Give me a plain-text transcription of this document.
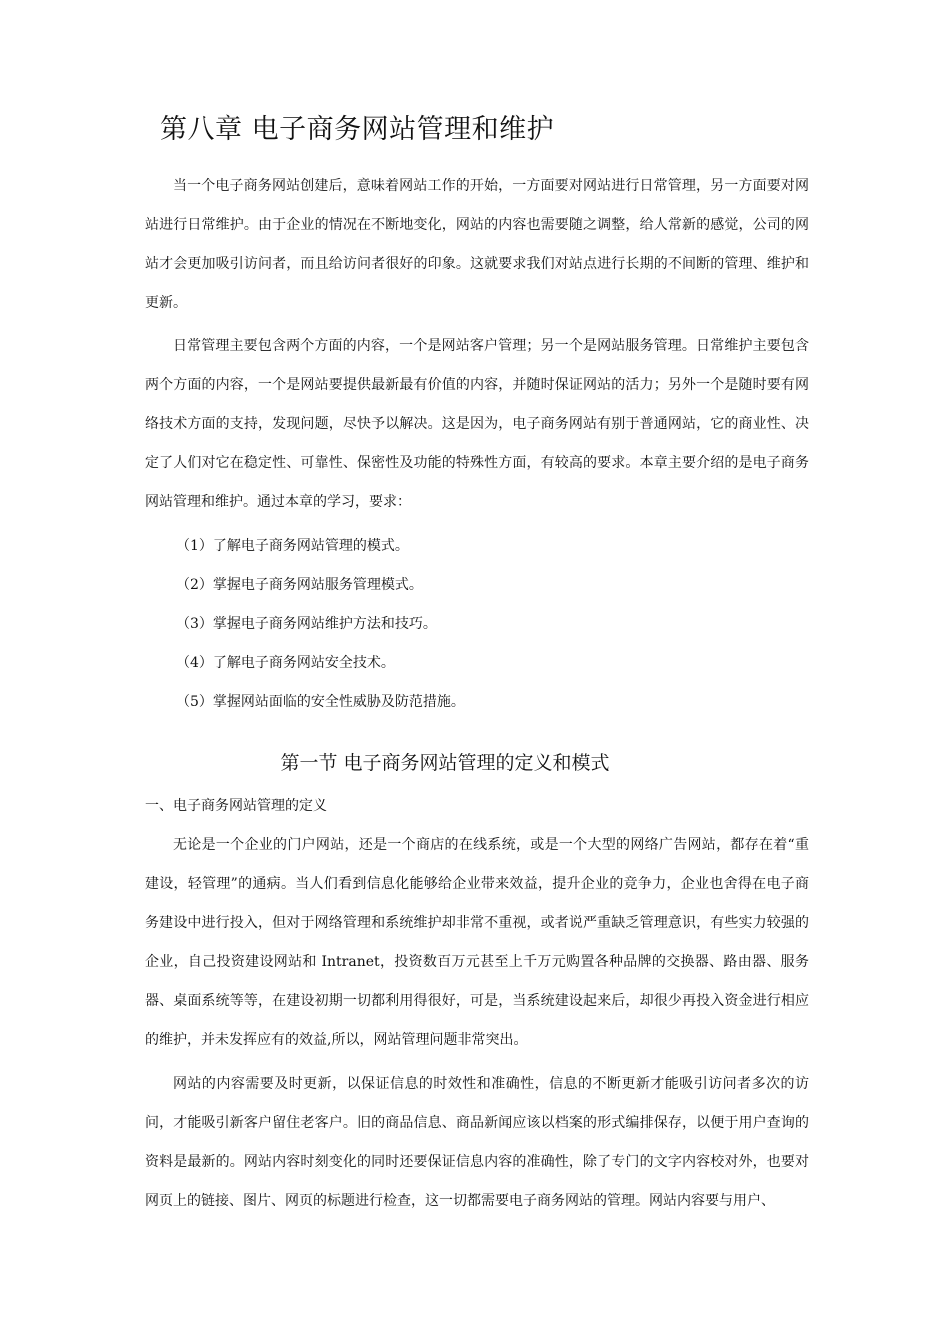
第八章 电子商务网站管理和维护

当一个电子商务网站创建后，意味着网站工作的开始，一方面要对网站进行日常管理，另一方面要对网站进行日常维护。由于企业的情况在不断地变化，网站的内容也需要随之调整，给人常新的感觉，公司的网站才会更加吸引访问者，而且给访问者很好的印象。这就要求我们对站点进行长期的不间断的管理、维护和更新。

日常管理主要包含两个方面的内容，一个是网站客户管理；另一个是网站服务管理。日常维护主要包含两个方面的内容，一个是网站要提供最新最有价值的内容，并随时保证网站的活力；另外一个是随时要有网络技术方面的支持，发现问题，尽快予以解决。这是因为，电子商务网站有别于普通网站，它的商业性、决定了人们对它在稳定性、可靠性、保密性及功能的特殊性方面，有较高的要求。本章主要介绍的是电子商务网站管理和维护。通过本章的学习，要求：

（1）了解电子商务网站管理的模式。
（2）掌握电子商务网站服务管理模式。
（3）掌握电子商务网站维护方法和技巧。
（4）了解电子商务网站安全技术。
（5）掌握网站面临的安全性威胁及防范措施。
第一节 电子商务网站管理的定义和模式
一、电子商务网站管理的定义

无论是一个企业的门户网站，还是一个商店的在线系统，或是一个大型的网络广告网站，都存在着“重建设，轻管理”的通病。当人们看到信息化能够给企业带来效益，提升企业的竞争力，企业也舍得在电子商务建设中进行投入，但对于网络管理和系统维护却非常不重视，或者说严重缺乏管理意识，有些实力较强的企业，自己投资建设网站和 Intranet，投资数百万元甚至上千万元购置各种品牌的交换器、路由器、服务器、桌面系统等等，在建设初期一切都利用得很好，可是，当系统建设起来后，却很少再投入资金进行相应的维护，并未发挥应有的效益,所以，网站管理问题非常突出。

网站的内容需要及时更新，以保证信息的时效性和准确性，信息的不断更新才能吸引访问者多次的访问，才能吸引新客户留住老客户。旧的商品信息、商品新闻应该以档案的形式编排保存，以便于用户查询的资料是最新的。网站内容时刻变化的同时还要保证信息内容的准确性，除了专门的文字内容校对外，也要对网页上的链接、图片、网页的标题进行检查，这一切都需要电子商务网站的管理。网站内容要与用户、
